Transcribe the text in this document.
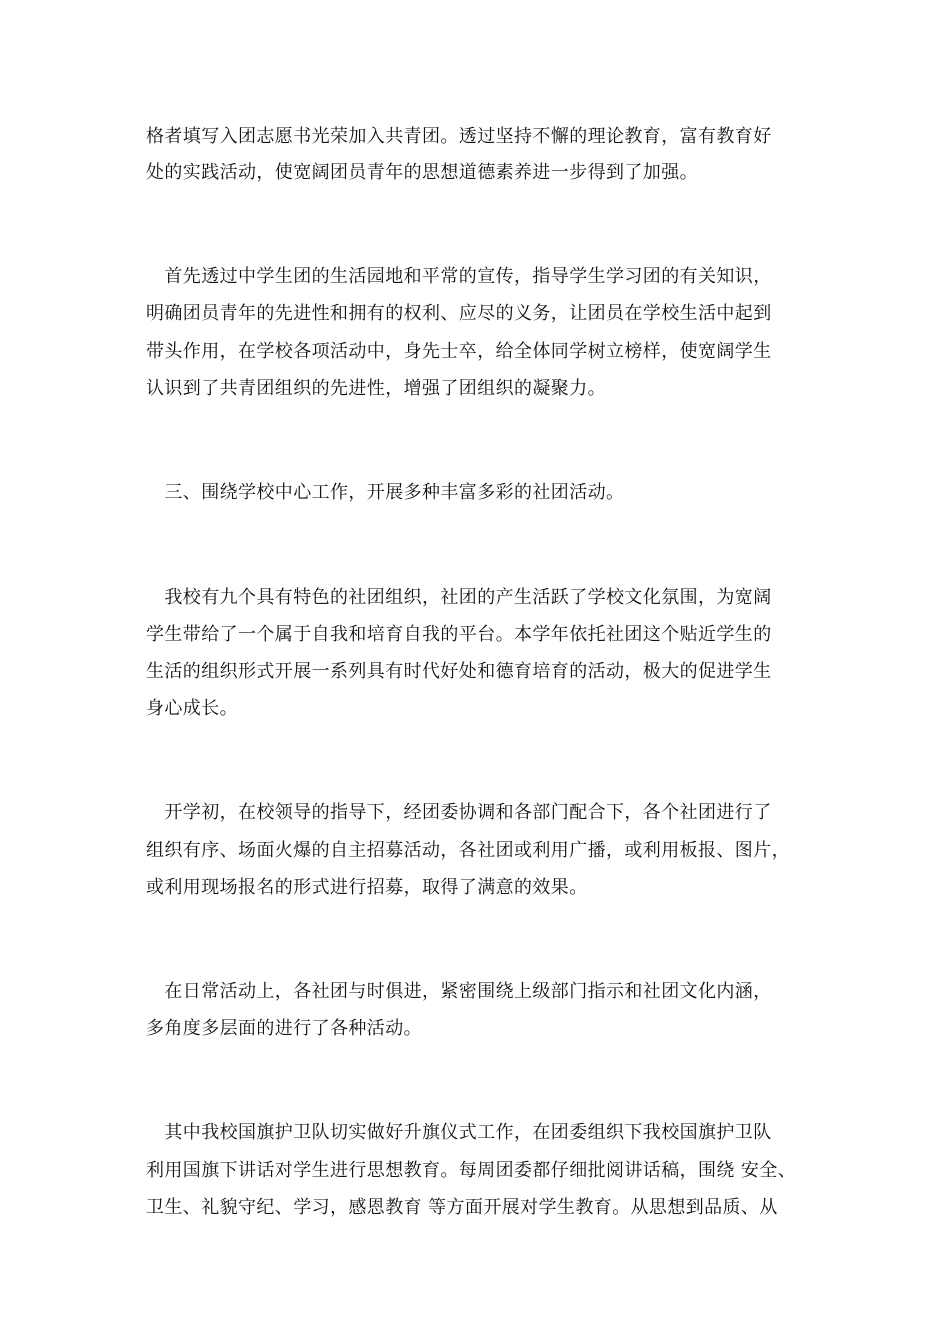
格者填写入团志愿书光荣加入共青团。透过坚持不懈的理论教育，富有教育好

处的实践活动，使宽阔团员青年的思想道德素养进一步得到了加强。

　首先透过中学生团的生活园地和平常的宣传，指导学生学习团的有关知识，

明确团员青年的先进性和拥有的权利、应尽的义务，让团员在学校生活中起到

带头作用，在学校各项活动中，身先士卒，给全体同学树立榜样，使宽阔学生

认识到了共青团组织的先进性，增强了团组织的凝聚力。

　三、围绕学校中心工作，开展多种丰富多彩的社团活动。

　我校有九个具有特色的社团组织，社团的产生活跃了学校文化氛围，为宽阔

学生带给了一个属于自我和培育自我的平台。本学年依托社团这个贴近学生的

生活的组织形式开展一系列具有时代好处和德育培育的活动，极大的促进学生

身心成长。

　开学初，在校领导的指导下，经团委协调和各部门配合下，各个社团进行了

组织有序、场面火爆的自主招募活动，各社团或利用广播，或利用板报、图片，

或利用现场报名的形式进行招募，取得了满意的效果。

　在日常活动上，各社团与时俱进，紧密围绕上级部门指示和社团文化内涵，

多角度多层面的进行了各种活动。

　其中我校国旗护卫队切实做好升旗仪式工作，在团委组织下我校国旗护卫队

利用国旗下讲话对学生进行思想教育。每周团委都仔细批阅讲话稿，围绕 安全、

卫生、礼貌守纪、学习，感恩教育 等方面开展对学生教育。从思想到品质、从
